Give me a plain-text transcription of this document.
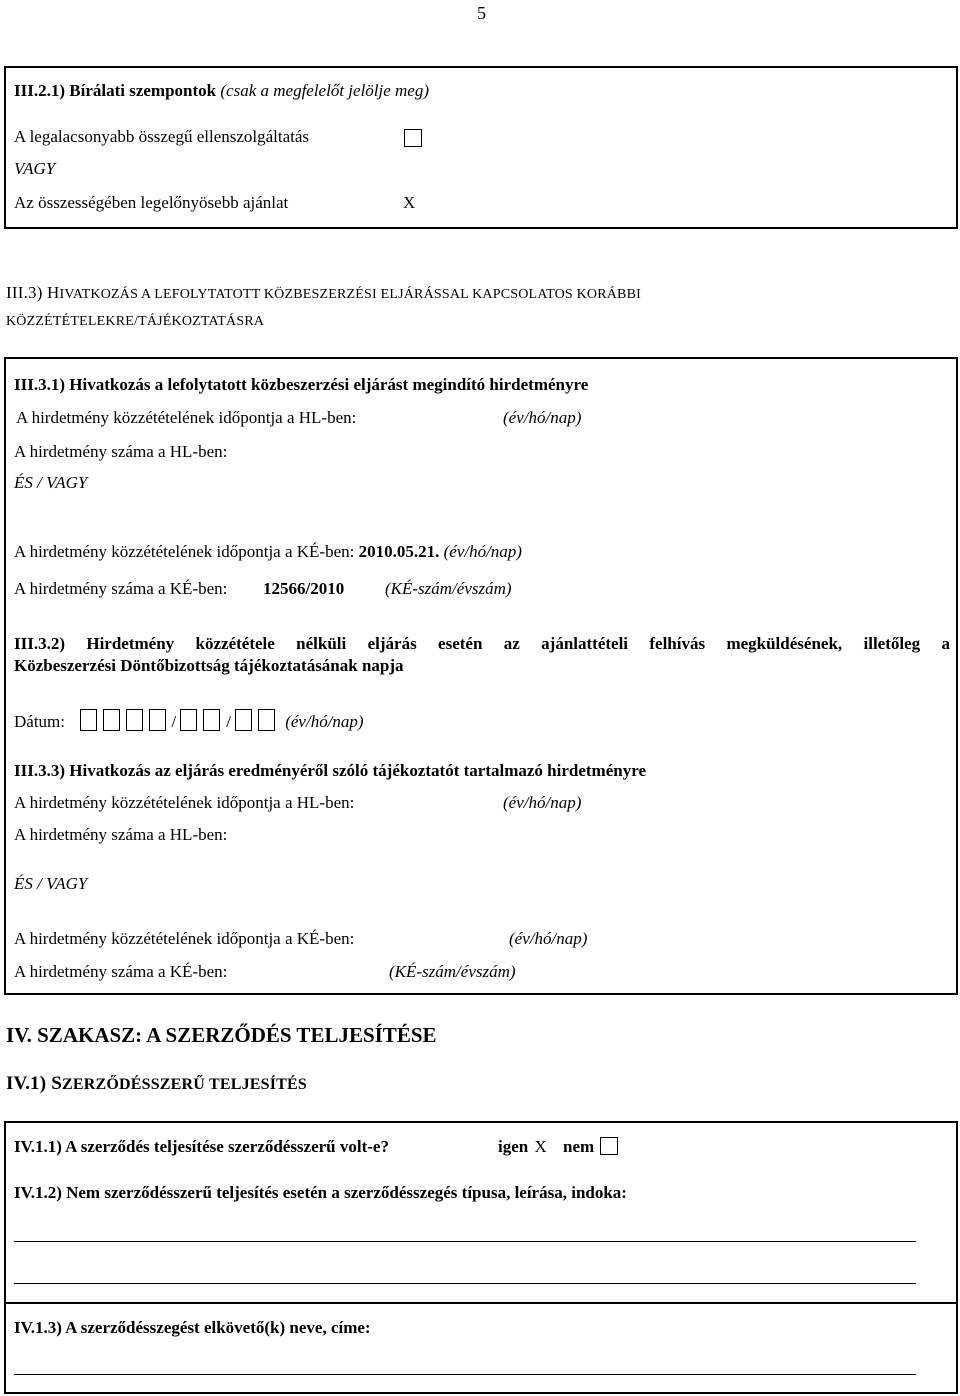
5
III.2.1) Bírálati szempontok (csak a megfelelőt jelölje meg)
A legalacsonyabb összegű ellenszolgáltatás
VAGY
Az összességében legelőnyösebb ajánlat	X
III.3) HIVATKOZÁS A LEFOLYTATOTT KÖZBESZERZÉSI ELJÁRÁSSAL KAPCSOLATOS KORÁBBI
KÖZZÉTÉTELEKRE/TÁJÉKOZTATÁSRA
III.3.1) Hivatkozás a lefolytatott közbeszerzési eljárást megindító hirdetményre
A hirdetmény közzétételének időpontja a HL-ben:	(év/hó/nap)
A hirdetmény száma a HL-ben:
ÉS / VAGY
A hirdetmény közzétételének időpontja a KÉ-ben: 2010.05.21. (év/hó/nap)
A hirdetmény száma a KÉ-ben: 12566/2010 (KÉ-szám/évszám)
III.3.2) Hirdetmény közzététele nélküli eljárás esetén az ajánlattételi felhívás megküldésének, illetőleg a
Közbeszerzési Döntőbizottság tájékoztatásának napja
Dátum:	/	/	(év/hó/nap)
III.3.3) Hivatkozás az eljárás eredményéről szóló tájékoztatót tartalmazó hirdetményre
A hirdetmény közzétételének időpontja a HL-ben:	(év/hó/nap)
A hirdetmény száma a HL-ben:
ÉS / VAGY
A hirdetmény közzétételének időpontja a KÉ-ben:	(év/hó/nap)
A hirdetmény száma a KÉ-ben:	(KÉ-szám/évszám)
IV. SZAKASZ: A SZERZŐDÉS TELJESÍTÉSE
IV.1) SZERZŐDÉSSZERŰ TELJESÍTÉS
IV.1.1) A szerződés teljesítése szerződésszerű volt-e?	igen X nem
IV.1.2) Nem szerződésszerű teljesítés esetén a szerződésszegés típusa, leírása, indoka:
IV.1.3) A szerződésszegést elkövető(k) neve, címe:
